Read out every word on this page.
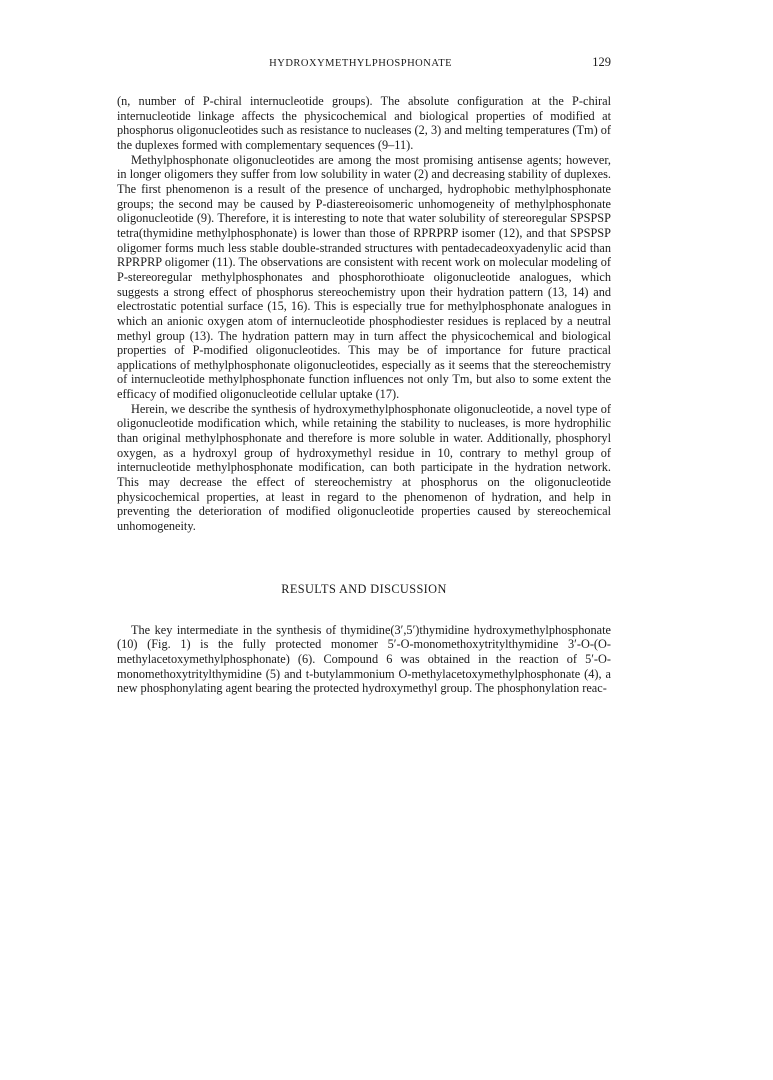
HYDROXYMETHYLPHOSPHONATE	129

(n, number of P-chiral internucleotide groups). The absolute configuration at the P-chiral internucleotide linkage affects the physicochemical and biological properties of modified at phosphorus oligonucleotides such as resistance to nucleases (2, 3) and melting temperatures (Tm) of the duplexes formed with complementary sequences (9–11).

Methylphosphonate oligonucleotides are among the most promising antisense agents; however, in longer oligomers they suffer from low solubility in water (2) and decreasing stability of duplexes. The first phenomenon is a result of the presence of uncharged, hydrophobic methylphosphonate groups; the second may be caused by P-diastereoisomeric unhomogeneity of methylphosphonate oligonucleotide (9). Therefore, it is interesting to note that water solubility of stereoregular SPSPSP tetra(thymidine methylphosphonate) is lower than those of RPRPRP isomer (12), and that SPSPSP oligomer forms much less stable double-stranded structures with pentadecadeoxyadenylic acid than RPRPRP oligomer (11). The observations are consistent with recent work on molecular modeling of P-stereoregular methylphosphonates and phosphorothioate oligonucleotide analogues, which suggests a strong effect of phosphorus stereochemistry upon their hydration pattern (13, 14) and electrostatic potential surface (15, 16). This is especially true for methylphosphonate analogues in which an anionic oxygen atom of internucleotide phosphodiester residues is replaced by a neutral methyl group (13). The hydration pattern may in turn affect the physicochemical and biological properties of P-modified oligonucleotides. This may be of importance for future practical applications of methylphosphonate oligonucleotides, especially as it seems that the stereochemistry of internucleotide methylphosphonate function influences not only Tm, but also to some extent the efficacy of modified oligonucleotide cellular uptake (17).

Herein, we describe the synthesis of hydroxymethylphosphonate oligonucleotide, a novel type of oligonucleotide modification which, while retaining the stability to nucleases, is more hydrophilic than original methylphosphonate and therefore is more soluble in water. Additionally, phosphoryl oxygen, as a hydroxyl group of hydroxymethyl residue in 10, contrary to methyl group of internucleotide methylphosphonate modification, can both participate in the hydration network. This may decrease the effect of stereochemistry at phosphorus on the oligonucleotide physicochemical properties, at least in regard to the phenomenon of hydration, and help in preventing the deterioration of modified oligonucleotide properties caused by stereochemical unhomogeneity.

RESULTS AND DISCUSSION

The key intermediate in the synthesis of thymidine(3′,5′)thymidine hydroxymethylphosphonate (10) (Fig. 1) is the fully protected monomer 5′-O-monomethoxytritylthymidine 3′-O-(O-methylacetoxymethylphosphonate) (6). Compound 6 was obtained in the reaction of 5′-O-monomethoxytritylthymidine (5) and t-butylammonium O-methylacetoxymethylphosphonate (4), a new phosphonylating agent bearing the protected hydroxymethyl group. The phosphonylation reac-
